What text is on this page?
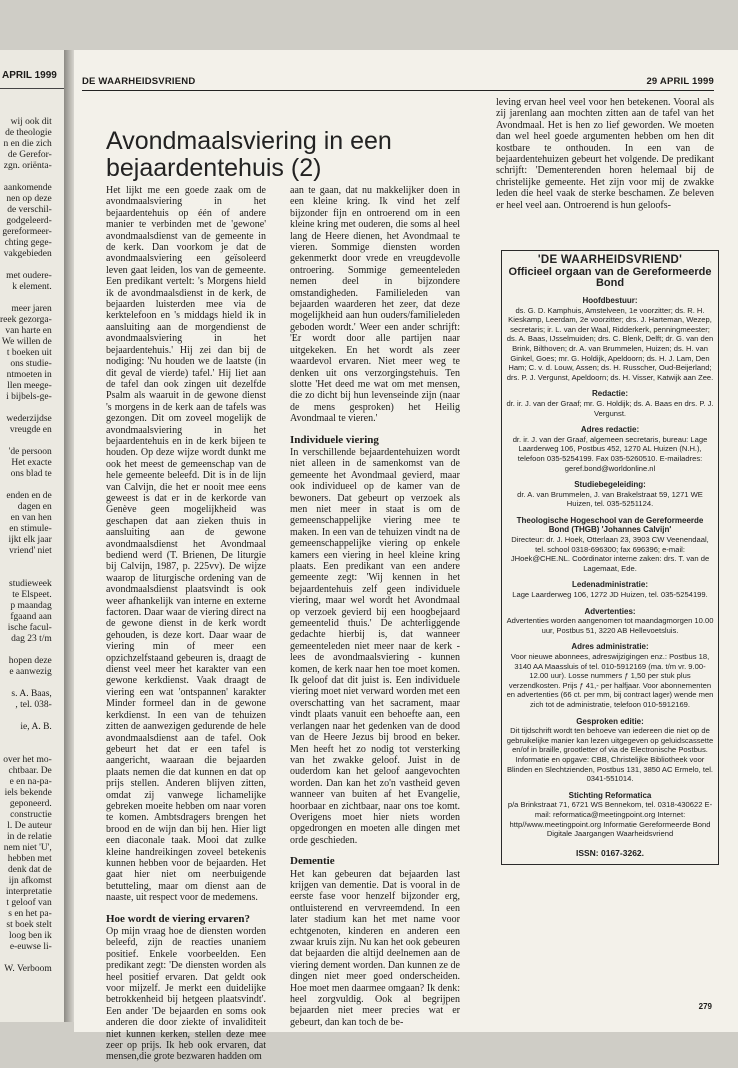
APRIL 1999
wij ook dit
de theologie
n en die zich
de Gerefor-
zgn. oriënta-

aankomende
nen op deze
de verschil-
godgeleerd-
gereformeer-
chting gege-
vakgebieden

met oudere-
k element.

meer jaren
reek gezorga-
van harte en
We willen de
t boeken uit
ons studie-
ntmoeten in
llen meege-
i bijbels-ge-

wederzijdse
vreugde en

'de persoon
Het exacte
ons blad te

enden en de
dagen en
en van hen
en stimule-
ijkt elk jaar
vriend' niet

studieweek
te Elspeet.
p maandag
fgaand aan
ische facul-
dag 23 t/m

hopen deze
e aanwezig

s. A. Baas,
, tel. 038-

ie, A. B.

over het mo-
chtbaar. De
e en na-pa-
iels bekende
geponeerd.
constructie
l. De auteur
in de relatie
nem niet 'U',
hebben met
denk dat de
ijn afkomst
interpretatie
t geloof van
s en het pa-
st boek stelt
loog ben ik
e-euwse li-

W. Verboom
DE WAARHEIDSVRIEND	29 APRIL 1999
Avondmaalsviering in een bejaardentehuis (2)

Het lijkt me een goede zaak om de avondmaalsviering in het bejaardentehuis op één of andere manier te verbinden met de 'gewone' avondmaalsdienst van de gemeente in de kerk. Dan voorkom je dat de avondmaalsviering een geïsoleerd leven gaat leiden, los van de gemeente. Een predikant vertelt: 's Morgens hield ik de avondmaalsdienst in de kerk, de bejaarden luisterden mee via de kerktelefoon en 's middags hield ik in aansluiting aan de morgendienst de avondmaalsviering in het bejaardentehuis.' Hij zei dan bij de nodiging: 'Nu houden we de laatste (in dit geval de vierde) tafel.' Hij liet aan de tafel dan ook zingen uit dezelfde Psalm als waaruit in de gewone dienst 's morgens in de kerk aan de tafels was gezongen. Dit om zoveel mogelijk de avondmaalsviering in het bejaardentehuis en in de kerk bijeen te houden. Op deze wijze wordt dunkt me ook het meest de gemeenschap van de hele gemeente beleefd. Dit is in de lijn van Calvijn, die het er nooit mee eens geweest is dat er in de kerkorde van Genève geen mogelijkheid was geschapen dat aan zieken thuis in aansluiting aan de gewone avondmaalsdienst het Avondmaal bediend werd (T. Brienen, De liturgie bij Calvijn, 1987, p. 225vv). De wijze waarop de liturgische ordening van de avondmaalsdienst plaatsvindt is ook weer afhankelijk van interne en externe factoren. Daar waar de viering direct na de gewone dienst in de kerk wordt gehouden, is deze kort. Daar waar de viering min of meer een opzichzelfstaand gebeuren is, draagt de dienst veel meer het karakter van een gewone kerkdienst. Vaak draagt de viering een wat 'ontspannen' karakter Minder formeel dan in de gewone kerkdienst. In een van de tehuizen zitten de aanwezigen gedurende de hele avondmaalsdienst aan de tafel. Ook gebeurt het dat er een tafel is aangericht, waaraan die bejaarden plaats nemen die dat kunnen en dat op prijs stellen. Anderen blijven zitten, omdat zij vanwege lichamelijke gebreken moeite hebben om naar voren te komen. Ambtsdragers brengen het brood en de wijn dan bij hen. Hier ligt een diaconale taak. Mooi dat zulke kleine handreikingen zoveel betekenis kunnen hebben voor de bejaarden. Het gaat hier niet om neerbuigende betutteling, maar om dienst aan de naaste, uit respect voor de medemens.

Hoe wordt de viering ervaren?

Op mijn vraag hoe de diensten worden beleefd, zijn de reacties unaniem positief. Enkele voorbeelden. Een predikant zegt: 'De diensten worden als heel positief ervaren. Dat geldt ook voor mijzelf. Je merkt een duidelijke betrokkenheid bij hetgeen plaatsvindt'. Een ander 'De bejaarden en soms ook anderen die door ziekte of invaliditeit niet kunnen kerken, stellen deze mee zeer op prijs. Ik heb ook ervaren, dat mensen,die grote bezwaren hadden om

aan te gaan, dat nu makkelijker doen in een kleine kring. Ik vind het zelf bijzonder fijn en ontroerend om in een kleine kring met ouderen, die soms al heel lang de Heere dienen, het Avondmaal te vieren. Sommige diensten worden gekenmerkt door vrede en vreugdevolle ontroering. Sommige gemeenteleden nemen deel in bijzondere omstandigheden. Familieleden van bejaarden waarderen het zeer, dat deze mogelijkheid aan hun ouders/familieleden geboden wordt.' Weer een ander schrijft: 'Er wordt door alle partijen naar uitgekeken. En het wordt als zeer waardevol ervaren. Niet meer weg te denken uit ons verzorgingstehuis. Ten slotte 'Het deed me wat om met mensen, die zo dicht bij hun levenseinde zijn (naar de mens gesproken) het Heilig Avondmaal te vieren.'

Individuele viering

In verschillende bejaardentehuizen wordt niet alleen in de samenkomst van de gemeente het Avondmaal gevierd, maar ook individueel op de kamer van de bewoners. Dat gebeurt op verzoek als men niet meer in staat is om de gemeenschappelijke viering mee te maken. In een van de tehuizen vindt na de gemeenschappelijke viering op enkele kamers een viering in heel kleine kring plaats. Een predikant van een andere gemeente zegt: 'Wij kennen in het bejaardentehuis zelf geen individuele viering, maar wel wordt het Avondmaal op verzoek gevierd bij een hoogbejaard gemeentelid thuis.' De achterliggende gedachte hierbij is, dat wanneer gemeenteleden niet meer naar de kerk - lees de avondmaalsviering - kunnen komen, de kerk naar hen toe moet komen. Ik geloof dat dit juist is. Een individuele viering moet niet verward worden met een overschatting van het sacrament, maar vindt plaats vanuit een behoefte aan, een verlangen naar het gedenken van de dood van de Heere Jezus bij brood en beker. Men heeft het zo nodig tot versterking van het zwakke geloof. Juist in de ouderdom kan het geloof aangevochten worden. Dan kan het zo'n vastheid geven wanneer van buiten af het Evangelie, hoorbaar en zichtbaar, naar ons toe komt. Overigens moet hier niets worden opgedrongen en moeten alle dingen met orde geschieden.

Dementie

Het kan gebeuren dat bejaarden last krijgen van dementie. Dat is vooral in de eerste fase voor henzelf bijzonder erg, ontluisterend en vervreemdend. In een later stadium kan het met name voor echtgenoten, kinderen en anderen een zwaar kruis zijn. Nu kan het ook gebeuren dat bejaarden die altijd deelnemen aan de viering dement worden. Dan kunnen ze de dingen niet meer goed onderscheiden. Hoe moet men daarmee omgaan? Ik denk: heel zorgvuldig. Ook al begrijpen bejaarden niet meer precies wat er gebeurt, dan kan toch de be-

leving ervan heel veel voor hen betekenen. Vooral als zij jarenlang aan mochten zitten aan de tafel van het Avondmaal. Het is hen zo lief geworden. We moeten dan wel heel goede argumenten hebben om hen dit kostbare te onthouden. In een van de bejaardentehuizen gebeurt het volgende. De predikant schrijft: 'Dementerenden horen helemaal bij de christelijke gemeente. Het zijn voor mij de zwakke leden die heel vaak de sterke beschamen. Ze beleven er heel veel aan. Ontroerend is hun geloofs-

'DE WAARHEIDSVRIEND'
Officieel orgaan van de Gereformeerde Bond
Hoofdbestuur:
ds. G. D. Kamphuis, Amstelveen, 1e voorzitter; ds. R. H. Kieskamp, Leerdam, 2e voorzitter; drs. J. Harteman, Wezep, secretaris; ir. L. van der Waal, Ridderkerk, penningmeester; ds. A. Baas, IJsselmuiden; drs. C. Blenk, Delft; dr. G. van den Brink, Bilthoven; dr. A. van Brummelen, Huizen; ds. H. van Ginkel, Goes; mr. G. Holdijk, Apeldoorn; ds. H. J. Lam, Den Ham; C. v. d. Louw, Assen; ds. H. Russcher, Oud-Beijerland; drs. P. J. Vergunst, Apeldoorn; ds. H. Visser, Katwijk aan Zee.
Redactie:
dr. ir. J. van der Graaf; mr. G. Holdijk; ds. A. Baas en drs. P. J. Vergunst.
Adres redactie:
dr. ir. J. van der Graaf, algemeen secretaris, bureau: Lage Laarderweg 106, Postbus 452, 1270 AL Huizen (N.H.), telefoon 035-5254199. Fax 035-5260510. E-mailadres: geref.bond@worldonline.nl
Studiebegeleiding:
dr. A. van Brummelen, J. van Brakelstraat 59, 1271 WE Huizen, tel. 035-5251124.
Theologische Hogeschool van de Gereformeerde Bond (THGB) 'Johannes Calvijn'
Directeur: dr. J. Hoek, Otterlaan 23, 3903 CW Veenendaal, tel. school 0318-696300; fax 696396; e-mail: JHoek@CHE.NL. Coördinator interne zaken: drs. T. van de Lagemaat, Ede.
Ledenadministratie:
Lage Laarderweg 106, 1272 JD Huizen, tel. 035-5254199.
Advertenties:
Advertenties worden aangenomen tot maandagmorgen 10.00 uur, Postbus 51, 3220 AB Hellevoetsluis.
Adres administratie:
Voor nieuwe abonnees, adreswijzigingen enz.: Postbus 18, 3140 AA Maassluis of tel. 010-5912169 (ma. t/m vr. 9.00-12.00 uur). Losse nummers ƒ 1,50 per stuk plus verzendkosten. Prijs ƒ 41,- per halfjaar. Voor abonnementen en advertenties (66 ct. per mm, bij contract lager) wende men zich tot de administratie, telefoon 010-5912169.
Gesproken editie:
Dit tijdschrift wordt ten behoeve van iedereen die niet op de gebruikelijke manier kan lezen uitgegeven op geluidscassette en/of in braille, grootletter of via de Electronische Postbus. Informatie en opgave: CBB, Christelijke Bibliotheek voor Blinden en Slechtzienden, Postbus 131, 3850 AC Ermelo, tel. 0341-551014.
Stichting Reformatica
p/a Brinkstraat 71, 6721 WS Bennekom, tel. 0318-430622 E-mail: reformatica@meetingpoint.org Internet: http//www.meetingpoint.org Informatie Gereformeerde Bond Digitale Jaargangen Waarheidsvriend
ISSN: 0167-3262.
279
